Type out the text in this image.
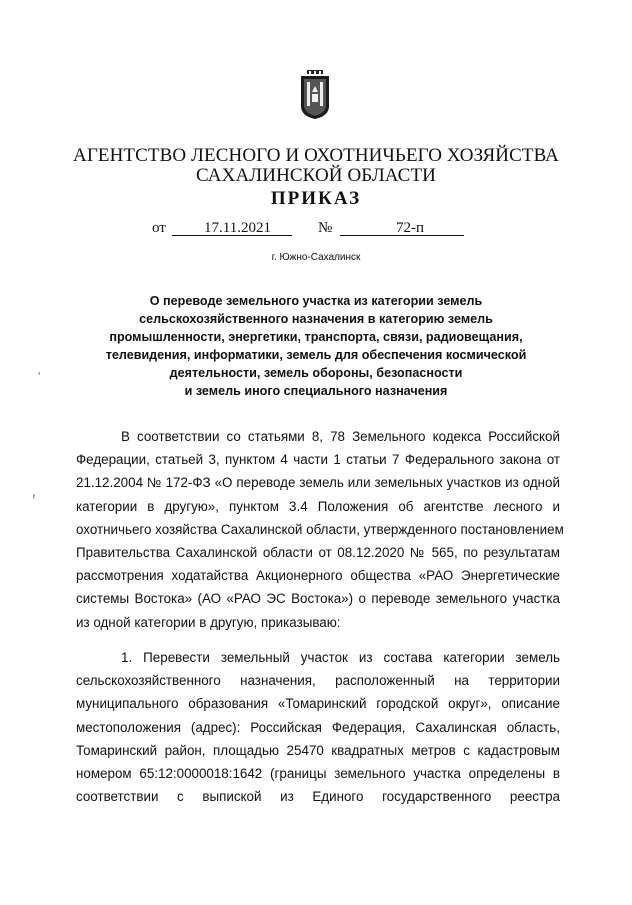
АГЕНТСТВО ЛЕСНОГО И ОХОТНИЧЬЕГО ХОЗЯЙСТВА
САХАЛИНСКОЙ ОБЛАСТИ
ПРИКАЗ
от	17.11.2021	№	72-п
г. Южно-Сахалинск
О переводе земельного участка из категории земель
сельскохозяйственного назначения в категорию земель
промышленности, энергетики, транспорта, связи, радиовещания,
телевидения, информатики, земель для обеспечения космической
деятельности, земель обороны, безопасности
и земель иного специального назначения
В соответствии со статьями 8, 78 Земельного кодекса Российской
Федерации, статьей 3, пунктом 4 части 1 статьи 7 Федерального закона от
21.12.2004 № 172-ФЗ «О переводе земель или земельных участков из одной
категории в другую», пунктом 3.4 Положения об агентстве лесного и
охотничьего хозяйства Сахалинской области, утвержденного постановлением
Правительства Сахалинской области от 08.12.2020 № 565, по результатам
рассмотрения ходатайства Акционерного общества «РАО Энергетические
системы Востока» (АО «РАО ЭС Востока») о переводе земельного участка
из одной категории в другую, приказываю:
1. Перевести земельный участок из состава категории земель
сельскохозяйственного назначения, расположенный на территории
муниципального образования «Томаринский городской округ», описание
местоположения (адрес): Российская Федерация, Сахалинская область,
Томаринский район, площадью 25470 квадратных метров с кадастровым
номером 65:12:0000018:1642 (границы земельного участка определены в
соответствии с выпиской из Единого государственного реестра
ʼ
ʳ
